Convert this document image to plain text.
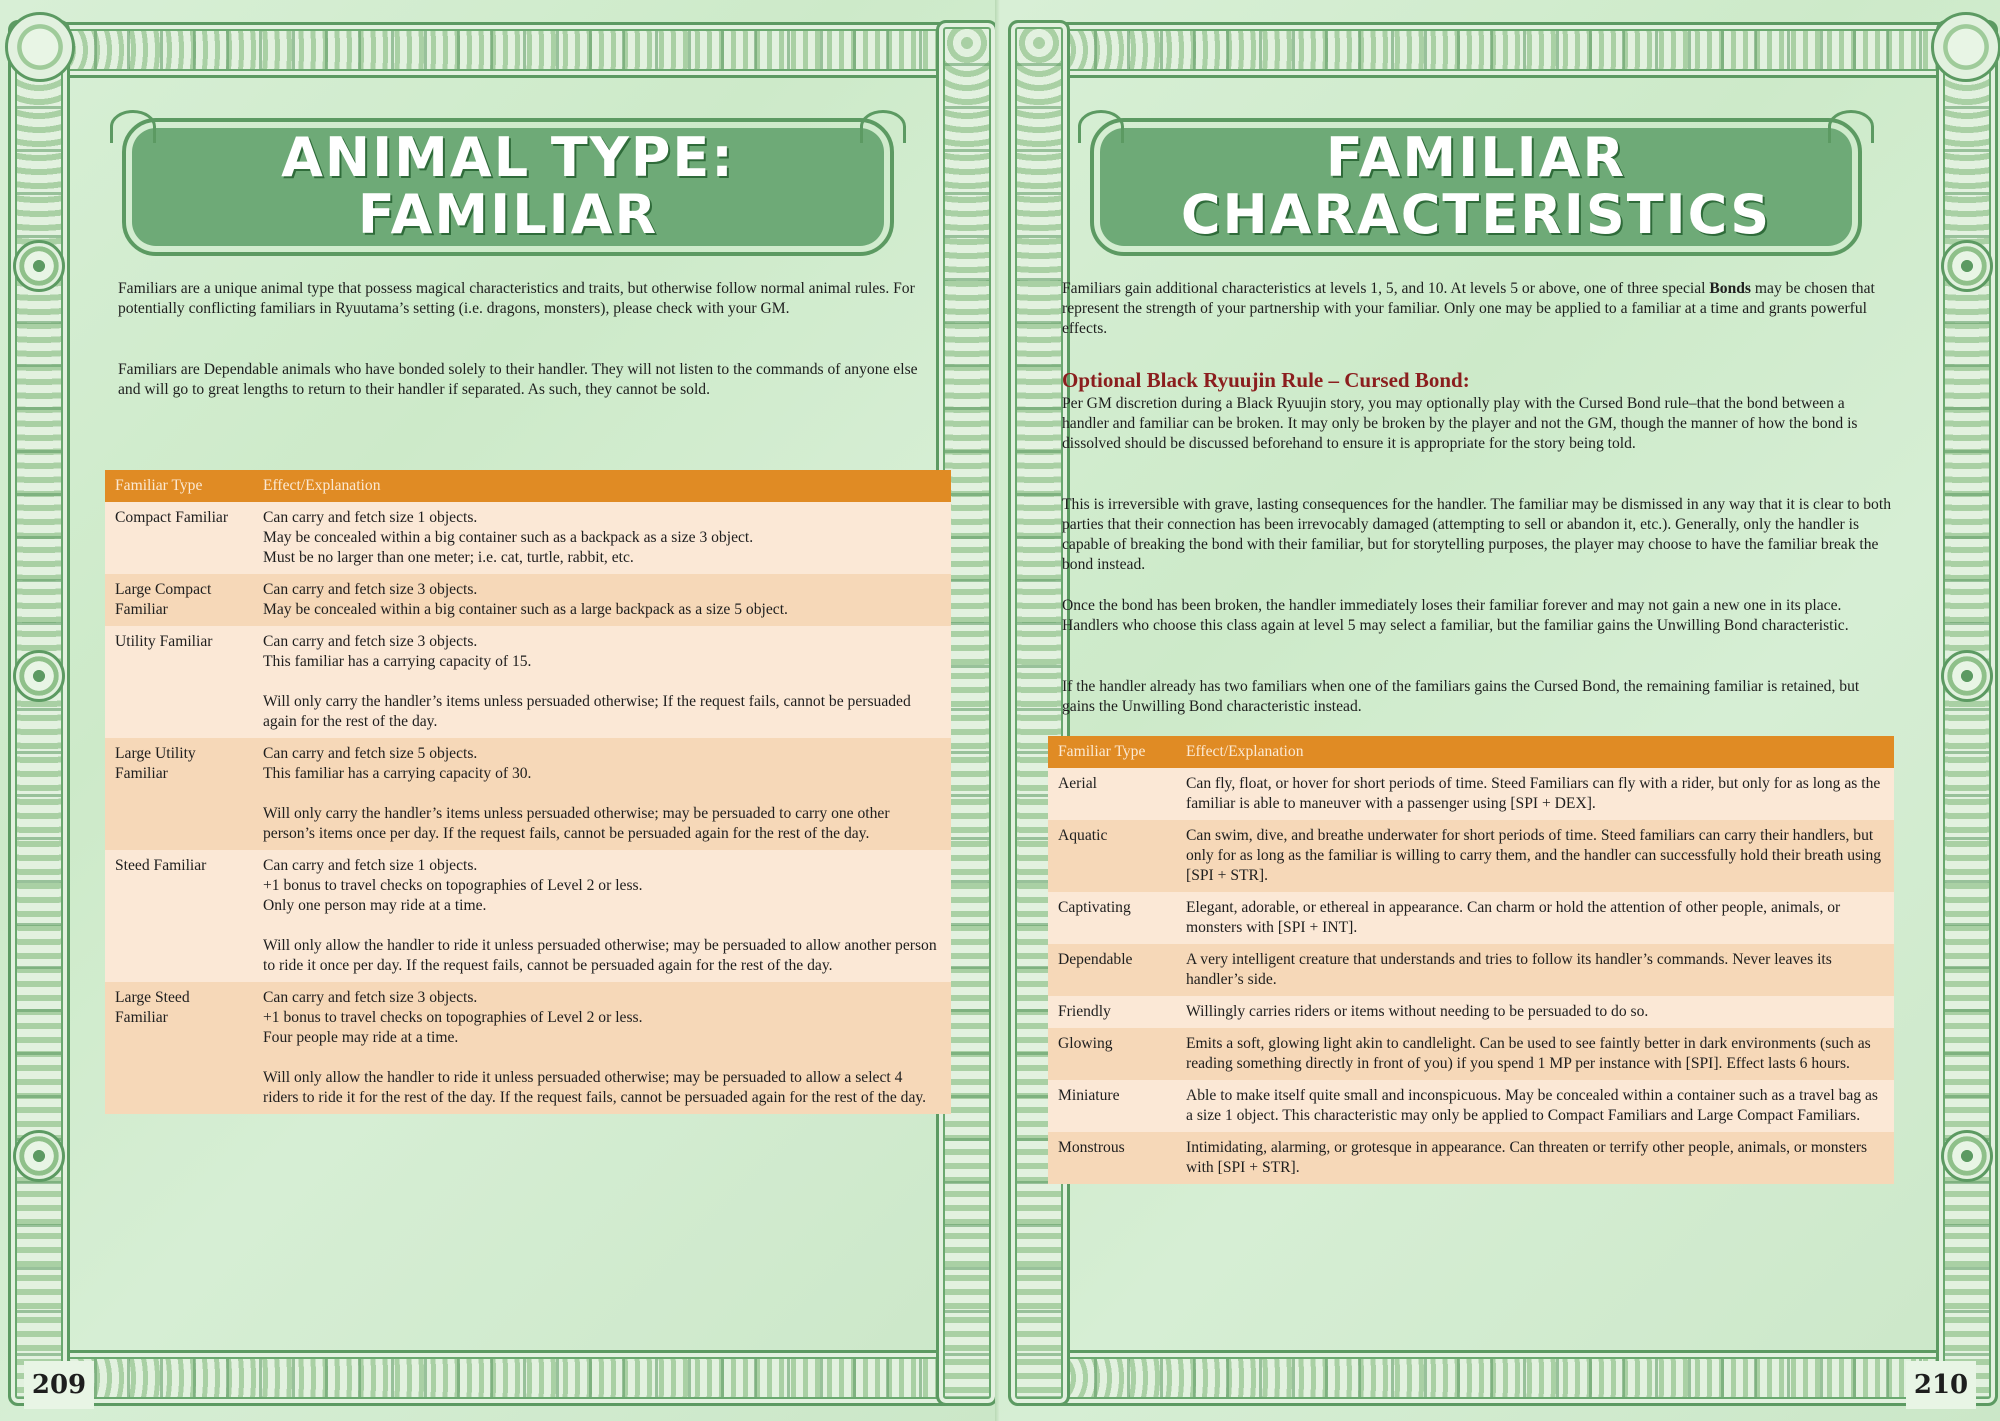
ANIMAL TYPE:
FAMILIAR

Familiars are a unique animal type that possess magical characteristics and traits, but otherwise follow normal animal rules. For potentially conflicting familiars in Ryuutama’s setting (i.e. dragons, monsters), please check with your GM.

Familiars are Dependable animals who have bonded solely to their handler. They will not listen to the commands of anyone else and will go to great lengths to return to their handler if separated. As such, they cannot be sold.

Familiar Type	Effect/Explanation
Compact Familiar	Can carry and fetch size 1 objects.
May be concealed within a big container such as a backpack as a size 3 object.
Must be no larger than one meter; i.e. cat, turtle, rabbit, etc.
Large Compact Familiar	Can carry and fetch size 3 objects.
May be concealed within a big container such as a large backpack as a size 5 object.
Utility Familiar	Can carry and fetch size 3 objects.
This familiar has a carrying capacity of 15.

Will only carry the handler’s items unless persuaded otherwise; If the request fails, cannot be persuaded again for the rest of the day.
Large Utility Familiar	Can carry and fetch size 5 objects.
This familiar has a carrying capacity of 30.

Will only carry the handler’s items unless persuaded otherwise; may be persuaded to carry one other person’s items once per day. If the request fails, cannot be persuaded again for the rest of the day.
Steed Familiar	Can carry and fetch size 1 objects.
+1 bonus to travel checks on topographies of Level 2 or less.
Only one person may ride at a time.

Will only allow the handler to ride it unless persuaded otherwise; may be persuaded to allow another person to ride it once per day. If the request fails, cannot be persuaded again for the rest of the day.
Large Steed Familiar	Can carry and fetch size 3 objects.
+1 bonus to travel checks on topographies of Level 2 or less.
Four people may ride at a time.

Will only allow the handler to ride it unless persuaded otherwise; may be persuaded to allow a select 4 riders to ride it for the rest of the day. If the request fails, cannot be persuaded again for the rest of the day.
209
FAMILIAR
CHARACTERISTICS

Familiars gain additional characteristics at levels 1, 5, and 10. At levels 5 or above, one of three special Bonds may be chosen that represent the strength of your partnership with your familiar. Only one may be applied to a familiar at a time and grants powerful effects.

Optional Black Ryuujin Rule – Cursed Bond:

Per GM discretion during a Black Ryuujin story, you may optionally play with the Cursed Bond rule–that the bond between a handler and familiar can be broken. It may only be broken by the player and not the GM, though the manner of how the bond is dissolved should be discussed beforehand to ensure it is appropriate for the story being told.

This is irreversible with grave, lasting consequences for the handler. The familiar may be dismissed in any way that it is clear to both parties that their connection has been irrevocably damaged (attempting to sell or abandon it, etc.). Generally, only the handler is capable of breaking the bond with their familiar, but for storytelling purposes, the player may choose to have the familiar break the bond instead.

Once the bond has been broken, the handler immediately loses their familiar forever and may not gain a new one in its place. Handlers who choose this class again at level 5 may select a familiar, but the familiar gains the Unwilling Bond characteristic.

If the handler already has two familiars when one of the familiars gains the Cursed Bond, the remaining familiar is retained, but gains the Unwilling Bond characteristic instead.

Familiar Type	Effect/Explanation
Aerial	Can fly, float, or hover for short periods of time. Steed Familiars can fly with a rider, but only for as long as the familiar is able to maneuver with a passenger using [SPI + DEX].
Aquatic	Can swim, dive, and breathe underwater for short periods of time. Steed familiars can carry their handlers, but only for as long as the familiar is willing to carry them, and the handler can successfully hold their breath using [SPI + STR].
Captivating	Elegant, adorable, or ethereal in appearance. Can charm or hold the attention of other people, animals, or monsters with [SPI + INT].
Dependable	A very intelligent creature that understands and tries to follow its handler’s commands. Never leaves its handler’s side.
Friendly	Willingly carries riders or items without needing to be persuaded to do so.
Glowing	Emits a soft, glowing light akin to candlelight. Can be used to see faintly better in dark environments (such as reading something directly in front of you) if you spend 1 MP per instance with [SPI]. Effect lasts 6 hours.
Miniature	Able to make itself quite small and inconspicuous. May be concealed within a container such as a travel bag as a size 1 object. This characteristic may only be applied to Compact Familiars and Large Compact Familiars.
Monstrous	Intimidating, alarming, or grotesque in appearance. Can threaten or terrify other people, animals, or monsters with [SPI + STR].
210
